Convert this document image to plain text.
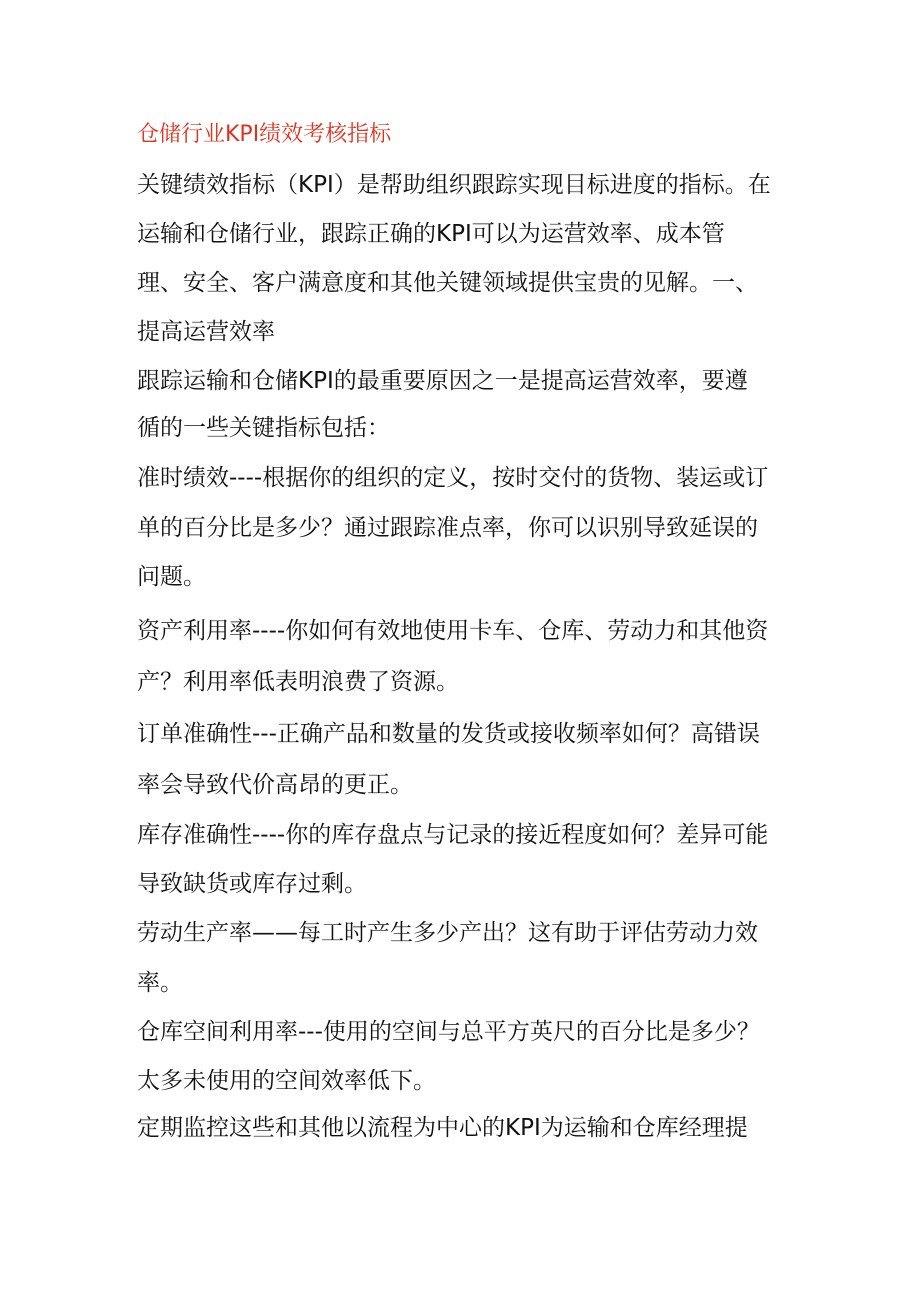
仓储行业KPI绩效考核指标
关键绩效指标（KPI）是帮助组织跟踪实现目标进度的指标。在
运输和仓储行业，跟踪正确的KPI可以为运营效率、成本管
理、安全、客户满意度和其他关键领域提供宝贵的见解。一、
提高运营效率
跟踪运输和仓储KPI的最重要原因之一是提高运营效率，要遵
循的一些关键指标包括：
准时绩效----根据你的组织的定义，按时交付的货物、装运或订
单的百分比是多少？通过跟踪准点率，你可以识别导致延误的
问题。
资产利用率----你如何有效地使用卡车、仓库、劳动力和其他资
产？利用率低表明浪费了资源。
订单准确性---正确产品和数量的发货或接收频率如何？高错误
率会导致代价高昂的更正。
库存准确性----你的库存盘点与记录的接近程度如何？差异可能
导致缺货或库存过剩。
劳动生产率——每工时产生多少产出？这有助于评估劳动力效
率。
仓库空间利用率---使用的空间与总平方英尺的百分比是多少？
太多未使用的空间效率低下。
定期监控这些和其他以流程为中心的KPI为运输和仓库经理提
